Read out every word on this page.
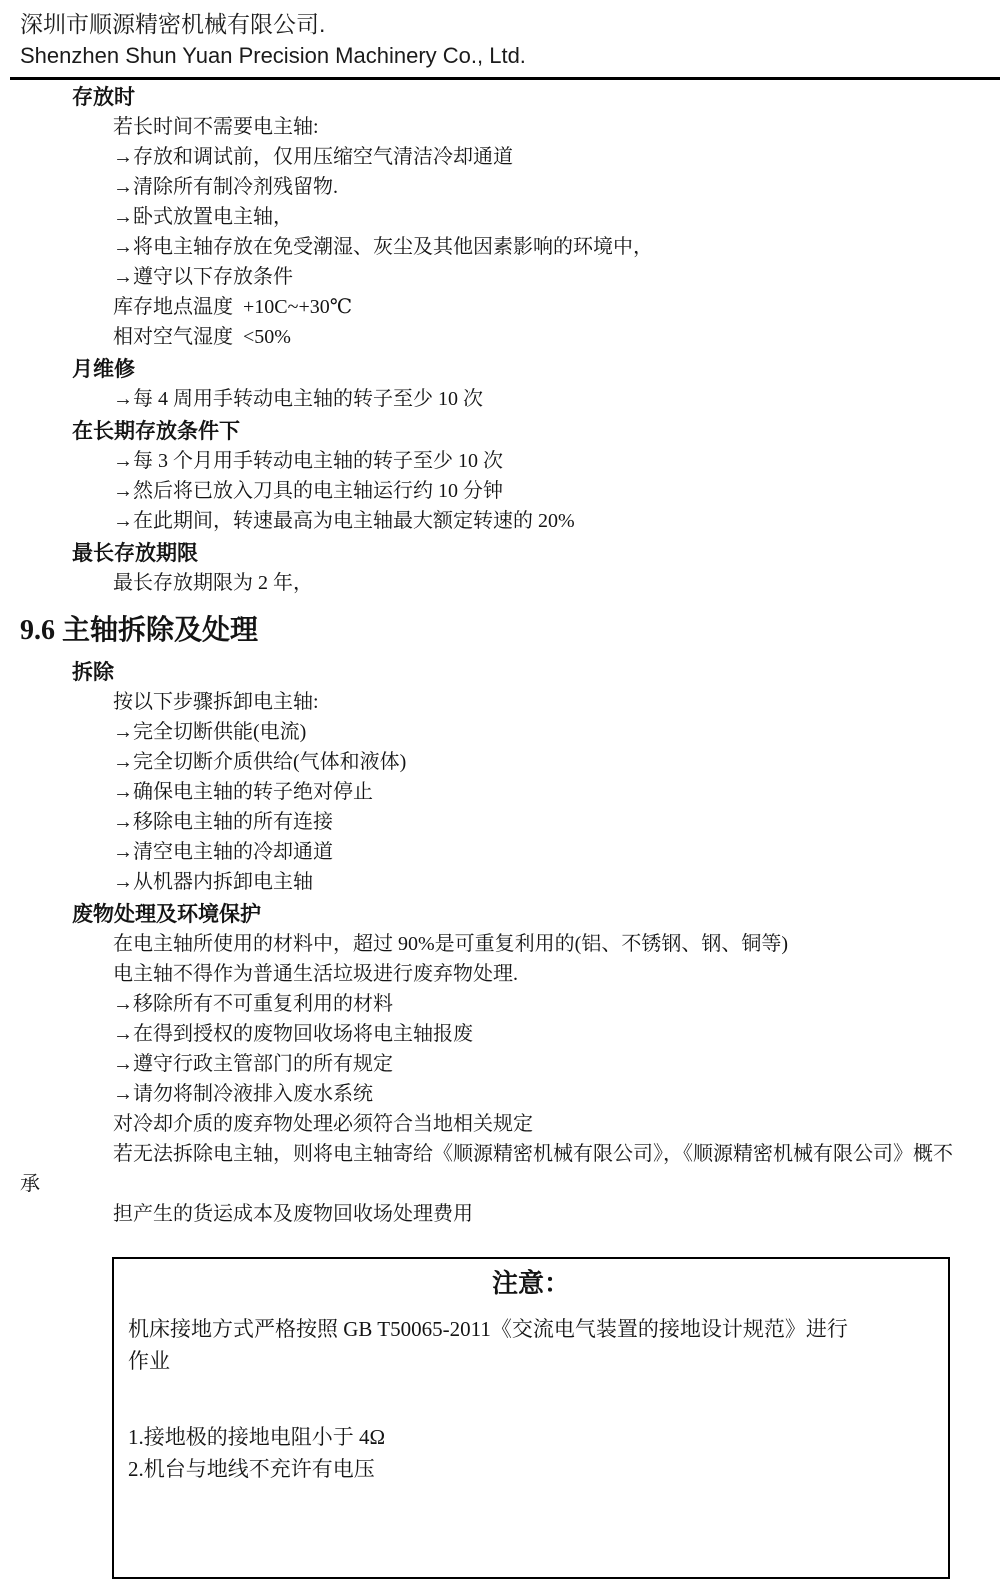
深圳市顺源精密机械有限公司.
Shenzhen Shun Yuan Precision Machinery Co., Ltd.
存放时
若长时间不需要电主轴:
→存放和调试前，仅用压缩空气清洁冷却通道
→清除所有制冷剂残留物.
→卧式放置电主轴，
→将电主轴存放在免受潮湿、灰尘及其他因素影响的环境中，
→遵守以下存放条件
库存地点温度  +10C~+30℃
相对空气湿度  <50%
月维修
→每 4 周用手转动电主轴的转子至少 10 次
在长期存放条件下
→每 3 个月用手转动电主轴的转子至少 10 次
→然后将已放入刀具的电主轴运行约 10 分钟
→在此期间，转速最高为电主轴最大额定转速的 20%
最长存放期限
最长存放期限为 2 年，
9.6 主轴拆除及处理
拆除
按以下步骤拆卸电主轴:
→完全切断供能(电流)
→完全切断介质供给(气体和液体)
→确保电主轴的转子绝对停止
→移除电主轴的所有连接
→清空电主轴的冷却通道
→从机器内拆卸电主轴
废物处理及环境保护
在电主轴所使用的材料中，超过 90%是可重复利用的(铝、不锈钢、钢、铜等)
电主轴不得作为普通生活垃圾进行废弃物处理.
→移除所有不可重复利用的材料
→在得到授权的废物回收场将电主轴报废
→遵守行政主管部门的所有规定
→请勿将制冷液排入废水系统
对冷却介质的废弃物处理必须符合当地相关规定
若无法拆除电主轴，则将电主轴寄给《顺源精密机械有限公司》，《顺源精密机械有限公司》概不
承
担产生的货运成本及废物回收场处理费用
注意：
机床接地方式严格按照 GB T50065-2011《交流电气装置的接地设计规范》进行
作业
1.接地极的接地电阻小于 4Ω
2.机台与地线不充许有电压
